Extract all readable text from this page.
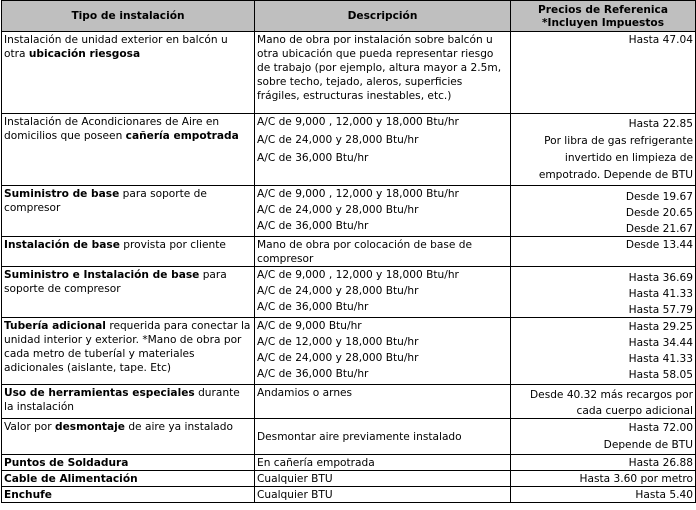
Tipo de instalación	Descripción	Precios de Referenica
*Incluyen Impuestos

Instalación de unidad exterior en balcón u otra ubicación riesgosa	Mano de obra por instalación sobre balcón u otra ubicación que pueda representar riesgo de trabajo (por ejemplo, altura mayor a 2.5m, sobre techo, tejado, aleros, superficies frágiles, estructuras inestables, etc.)	Hasta 47.04

Instalación de Acondicionares de Aire en domicilios que poseen cañería empotrada	A/C de 9,000 , 12,000 y 18,000 Btu/hr
A/C de 24,000 y 28,000 Btu/hr
A/C de 36,000 Btu/hr	Hasta 22.85
Por libra de gas refrigerante
invertido en limpieza de
empotrado. Depende de BTU

Suministro de base para soporte de compresor	A/C de 9,000 , 12,000 y 18,000 Btu/hr
A/C de 24,000 y 28,000 Btu/hr
A/C de 36,000 Btu/hr	Desde 19.67
Desde 20.65
Desde 21.67

Instalación de base provista por cliente	Mano de obra por colocación de base de compresor	Desde 13.44

Suministro e Instalación de base para soporte de compresor	A/C de 9,000 , 12,000 y 18,000 Btu/hr
A/C de 24,000 y 28,000 Btu/hr
A/C de 36,000 Btu/hr	Hasta 36.69
Hasta 41.33
Hasta 57.79

Tubería adicional requerida para conectar la unidad interior y exterior. *Mano de obra por cada metro de tuberíal y materiales adicionales (aislante, tape. Etc)	A/C de 9,000 Btu/hr
A/C de 12,000 y 18,000 Btu/hr
A/C de 24,000 y 28,000 Btu/hr
A/C de 36,000 Btu/hr	Hasta 29.25
Hasta 34.44
Hasta 41.33
Hasta 58.05

Uso de herramientas especiales durante la instalación	Andamios o arnes	Desde 40.32 más recargos por
cada cuerpo adicional

Valor por desmontaje de aire ya instalado	Desmontar aire previamente instalado	Hasta 72.00
Depende de BTU

Puntos de Soldadura	En cañería empotrada	Hasta 26.88

Cable de Alimentación	Cualquier BTU	Hasta 3.60 por metro

Enchufe	Cualquier BTU	Hasta 5.40
